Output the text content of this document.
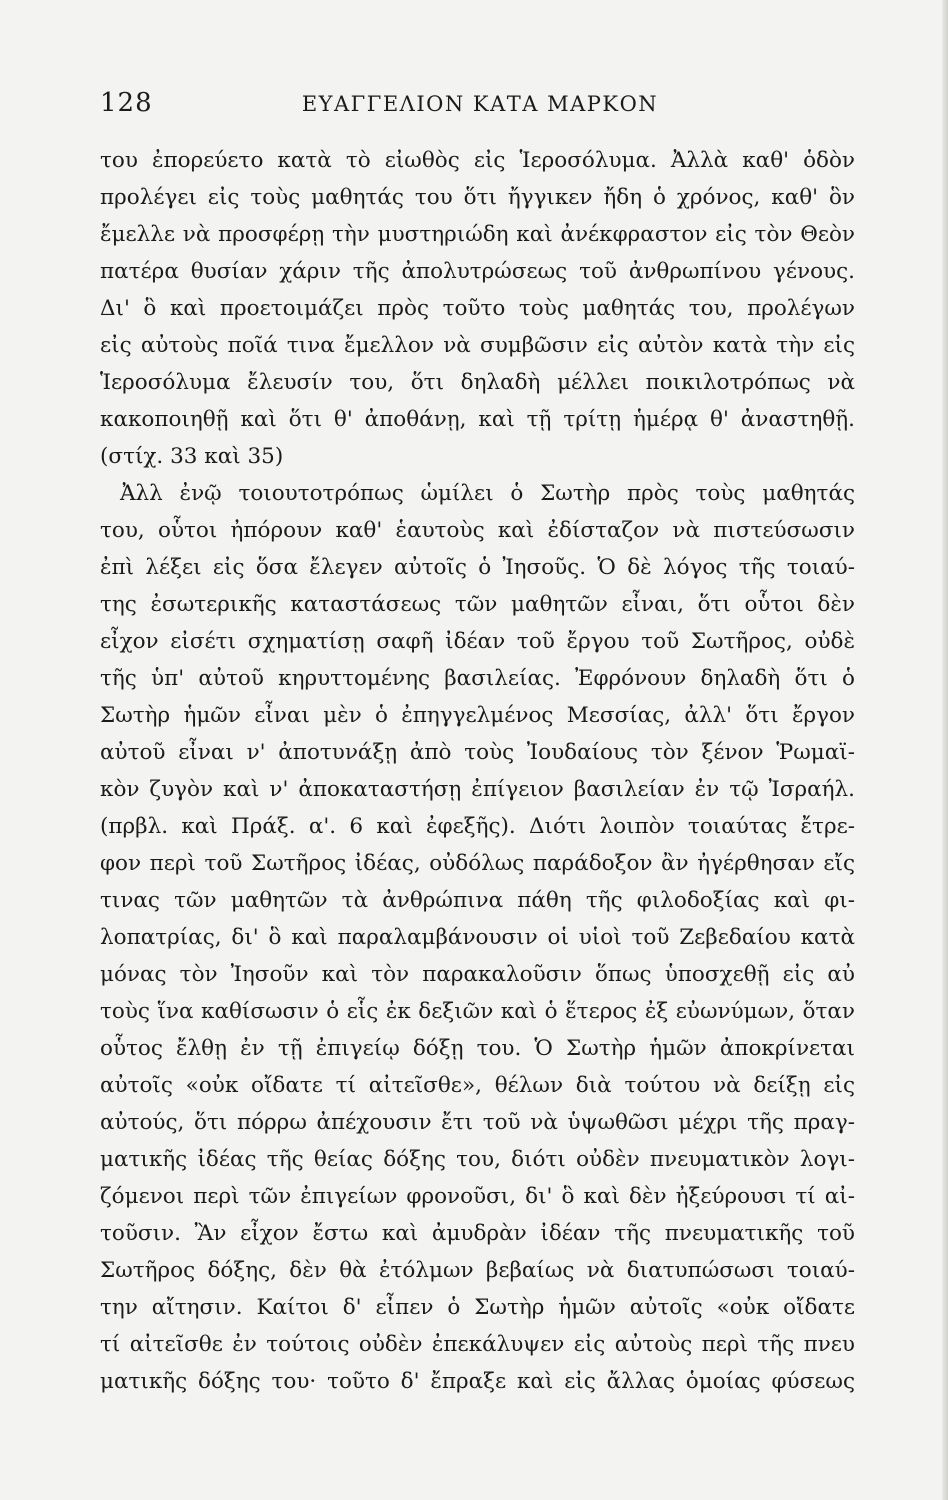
128	ΕΥΑΓΓΕΛΙΟΝ ΚΑΤΑ ΜΑΡΚΟΝ
του ἐπορεύετο κατὰ τὸ εἰωθὸς εἰς Ἱεροσόλυμα. Ἀλλὰ καθ' ὁδὸν
προλέγει εἰς τοὺς μαθητάς του ὅτι ἤγγικεν ἤδη ὁ χρόνος, καθ' ὃν
ἔμελλε νὰ προσφέρῃ τὴν μυστηριώδη καὶ ἀνέκφραστον εἰς τὸν Θεὸν
πατέρα θυσίαν χάριν τῆς ἀπολυτρώσεως τοῦ ἀνθρωπίνου γένους.
Δι' ὃ καὶ προετοιμάζει πρὸς τοῦτο τοὺς μαθητάς του, προλέγων
εἰς αὐτοὺς ποῖά τινα ἔμελλον νὰ συμβῶσιν εἰς αὐτὸν κατὰ τὴν εἰς
Ἱεροσόλυμα ἔλευσίν του, ὅτι δηλαδὴ μέλλει ποικιλοτρόπως νὰ
κακοποιηθῇ καὶ ὅτι θ' ἀποθάνῃ, καὶ τῇ τρίτῃ ἡμέρᾳ θ' ἀναστηθῇ.
(στίχ. 33 καὶ 35)
Ἀλλ ἐνῷ τοιουτοτρόπως ὡμίλει ὁ Σωτὴρ πρὸς τοὺς μαθητάς
του, οὗτοι ἠπόρουν καθ' ἑαυτοὺς καὶ ἐδίσταζον νὰ πιστεύσωσιν
ἐπὶ λέξει εἰς ὅσα ἔλεγεν αὐτοῖς ὁ Ἰησοῦς. Ὁ δὲ λόγος τῆς τοιαύ-
της ἐσωτερικῆς καταστάσεως τῶν μαθητῶν εἶναι, ὅτι οὗτοι δὲν
εἶχον εἰσέτι σχηματίσῃ σαφῆ ἰδέαν τοῦ ἔργου τοῦ Σωτῆρος, οὐδὲ
τῆς ὑπ' αὐτοῦ κηρυττομένης βασιλείας. Ἐφρόνουν δηλαδὴ ὅτι ὁ
Σωτὴρ ἡμῶν εἶναι μὲν ὁ ἐπηγγελμένος Μεσσίας, ἀλλ' ὅτι ἔργον
αὐτοῦ εἶναι ν' ἀποτυνάξῃ ἀπὸ τοὺς Ἰουδαίους τὸν ξένον Ῥωμαϊ-
κὸν ζυγὸν καὶ ν' ἀποκαταστήσῃ ἐπίγειον βασιλείαν ἐν τῷ Ἰσραήλ.
(πρβλ. καὶ Πράξ. α'. 6 καὶ ἐφεξῆς). Διότι λοιπὸν τοιαύτας ἔτρε-
φον περὶ τοῦ Σωτῆρος ἰδέας, οὐδόλως παράδοξον ἂν ἠγέρθησαν εἴς
τινας τῶν μαθητῶν τὰ ἀνθρώπινα πάθη τῆς φιλοδοξίας καὶ φι-
λοπατρίας, δι' ὃ καὶ παραλαμβάνουσιν οἱ υἱοὶ τοῦ Ζεβεδαίου κατὰ
μόνας τὸν Ἰησοῦν καὶ τὸν παρακαλοῦσιν ὅπως ὑποσχεθῇ εἰς αὐ
τοὺς ἵνα καθίσωσιν ὁ εἷς ἐκ δεξιῶν καὶ ὁ ἕτερος ἐξ εὐωνύμων, ὅταν
οὗτος ἔλθῃ ἐν τῇ ἐπιγείῳ δόξῃ του. Ὁ Σωτὴρ ἡμῶν ἀποκρίνεται
αὐτοῖς «οὐκ οἴδατε τί αἰτεῖσθε», θέλων διὰ τούτου νὰ δείξῃ εἰς
αὐτούς, ὅτι πόρρω ἀπέχουσιν ἔτι τοῦ νὰ ὑψωθῶσι μέχρι τῆς πραγ-
ματικῆς ἰδέας τῆς θείας δόξης του, διότι οὐδὲν πνευματικὸν λογι-
ζόμενοι περὶ τῶν ἐπιγείων φρονοῦσι, δι' ὃ καὶ δὲν ἠξεύρουσι τί αἰ-
τοῦσιν. Ἂν εἶχον ἔστω καὶ ἀμυδρὰν ἰδέαν τῆς πνευματικῆς τοῦ
Σωτῆρος δόξης, δὲν θὰ ἐτόλμων βεβαίως νὰ διατυπώσωσι τοιαύ-
την αἴτησιν. Καίτοι δ' εἶπεν ὁ Σωτὴρ ἡμῶν αὐτοῖς «οὐκ οἴδατε
τί αἰτεῖσθε ἐν τούτοις οὐδὲν ἐπεκάλυψεν εἰς αὐτοὺς περὶ τῆς πνευ
ματικῆς δόξης του· τοῦτο δ' ἔπραξε καὶ εἰς ἄλλας ὁμοίας φύσεως
